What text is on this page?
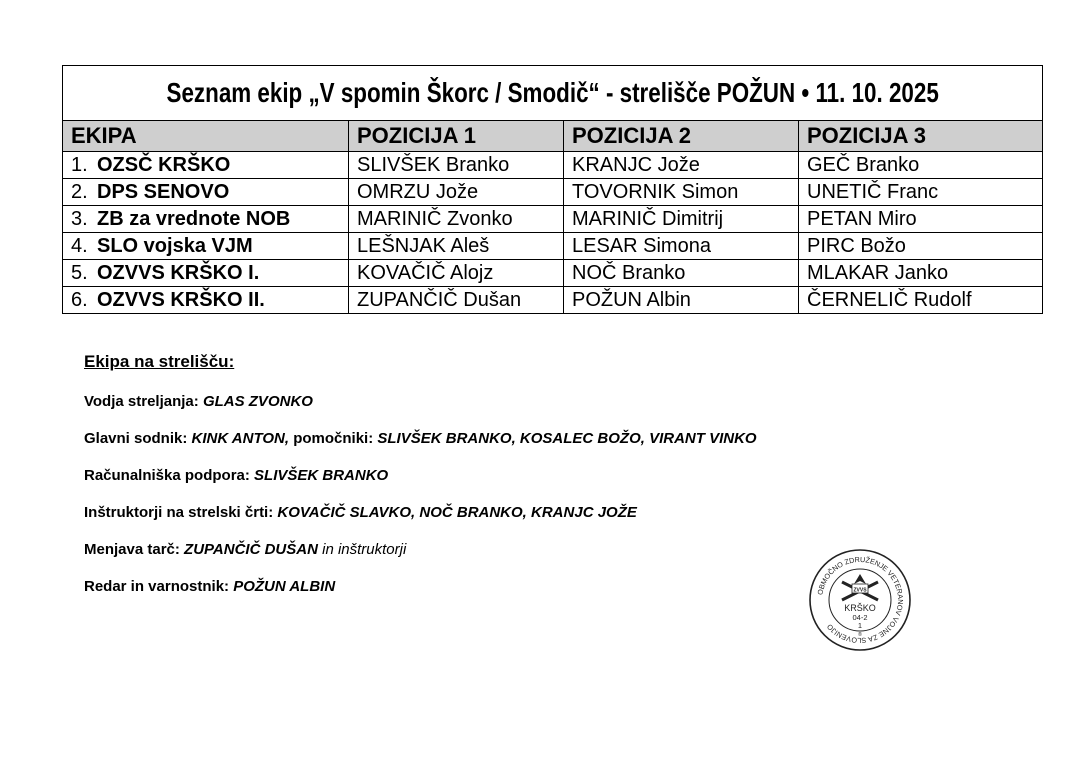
Seznam ekip „V spomin Škorc / Smodič“ - strelišče POŽUN • 11. 10. 2025			
EKIPA	POZICIJA 1	POZICIJA 2	POZICIJA 3
1. OZSČ KRŠKO	SLIVŠEK Branko	KRANJC Jože	GEČ Branko
2. DPS SENOVO	OMRZU Jože	TOVORNIK Simon	UNETIČ Franc
3. ZB za vrednote NOB	MARINIČ Zvonko	MARINIČ Dimitrij	PETAN Miro
4. SLO vojska VJM	LEŠNJAK Aleš	LESAR Simona	PIRC Božo
5. OZVVS KRŠKO I.	KOVAČIČ Alojz	NOČ Branko	MLAKAR Janko
6. OZVVS KRŠKO II.	ZUPANČIČ Dušan	POŽUN Albin	ČERNELIČ Rudolf
Ekipa na strelišču:
Vodja streljanja: GLAS ZVONKO
Glavni sodnik: KINK ANTON, pomočniki: SLIVŠEK BRANKO, KOSALEC BOŽO, VIRANT VINKO
Računalniška podpora: SLIVŠEK BRANKO
Inštruktorji na strelski črti: KOVAČIČ SLAVKO, NOČ BRANKO, KRANJC JOŽE
Menjava tarč: ZUPANČIČ DUŠAN in inštruktorji
Redar in varnostnik: POŽUN ALBIN	OBMOČNO ZDRUŽENJE VETERANOV VOJNE ZA SLOVENIJO
ZVVS
KRŠKO
04-2
1
®
